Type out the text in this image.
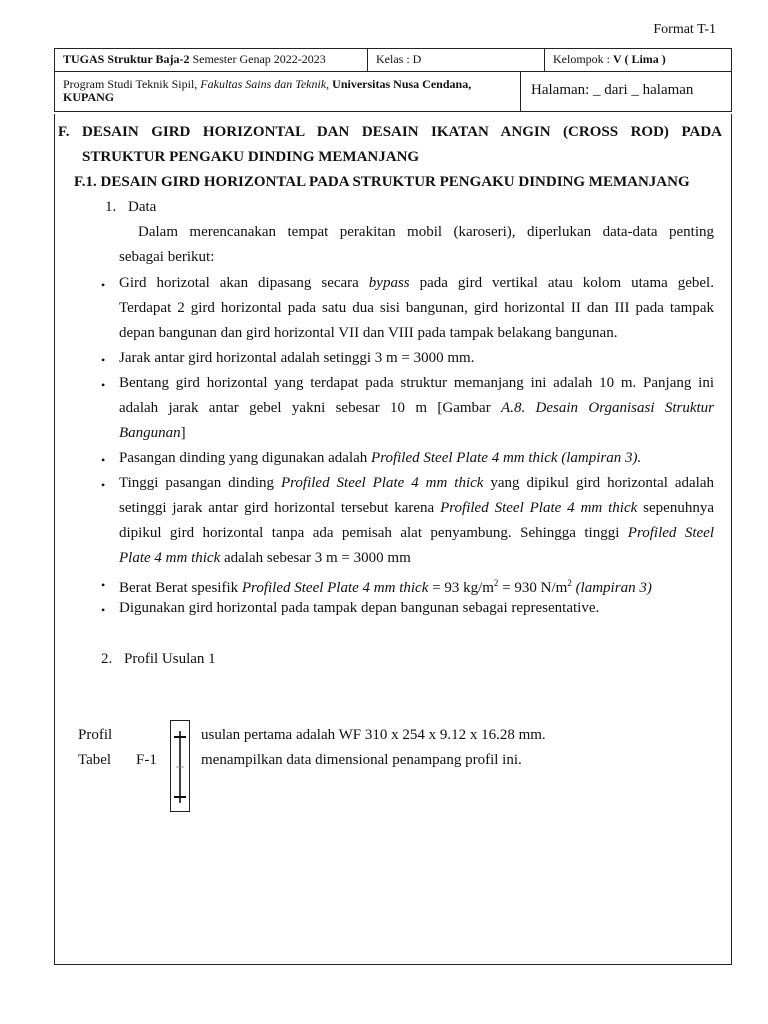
Format T-1
TUGAS Struktur Baja-2 Semester Genap 2022-2023	Kelas : D	Kelompok : V ( Lima )
Program Studi Teknik Sipil, Fakultas Sains dan Teknik, Universitas Nusa Cendana,
KUPANG	Halaman: _ dari _ halaman
F. DESAIN GIRD HORIZONTAL DAN DESAIN IKATAN ANGIN (CROSS ROD) PADA
STRUKTUR PENGAKU DINDING MEMANJANG
F.1. DESAIN GIRD HORIZONTAL PADA STRUKTUR PENGAKU DINDING MEMANJANG
1. Data
Dalam merencanakan tempat perakitan mobil (karoseri), diperlukan data-data penting
sebagai berikut:
• Gird horizotal akan dipasang secara bypass pada gird vertikal atau kolom utama gebel.
Terdapat 2 gird horizontal pada satu dua sisi bangunan, gird horizontal II dan III pada tampak
depan bangunan dan gird horizontal VII dan VIII pada tampak belakang bangunan.
• Jarak antar gird horizontal adalah setinggi 3 m = 3000 mm.
• Bentang gird horizontal yang terdapat pada struktur memanjang ini adalah 10 m. Panjang ini
adalah jarak antar gebel yakni sebesar 10 m [Gambar A.8. Desain Organisasi Struktur
Bangunan]
• Pasangan dinding yang digunakan adalah Profiled Steel Plate 4 mm thick (lampiran 3).
• Tinggi pasangan dinding Profiled Steel Plate 4 mm thick yang dipikul gird horizontal adalah
setinggi jarak antar gird horizontal tersebut karena Profiled Steel Plate 4 mm thick sepenuhnya
dipikul gird horizontal tanpa ada pemisah alat penyambung. Sehingga tinggi Profiled Steel
Plate 4 mm thick adalah sebesar 3 m = 3000 mm
• Berat Berat spesifik Profiled Steel Plate 4 mm thick = 93 $kg/m^2 = 930$ $N/m^2$ (lampiran 3)
• Digunakan gird horizontal pada tampak depan bangunan sebagai representative.
2. Profil Usulan 1
Profil
Tabel F-1
usulan pertama adalah WF 310 x 254 x 9.12 x 16.28 mm.
menampilkan data dimensional penampang profil ini.
